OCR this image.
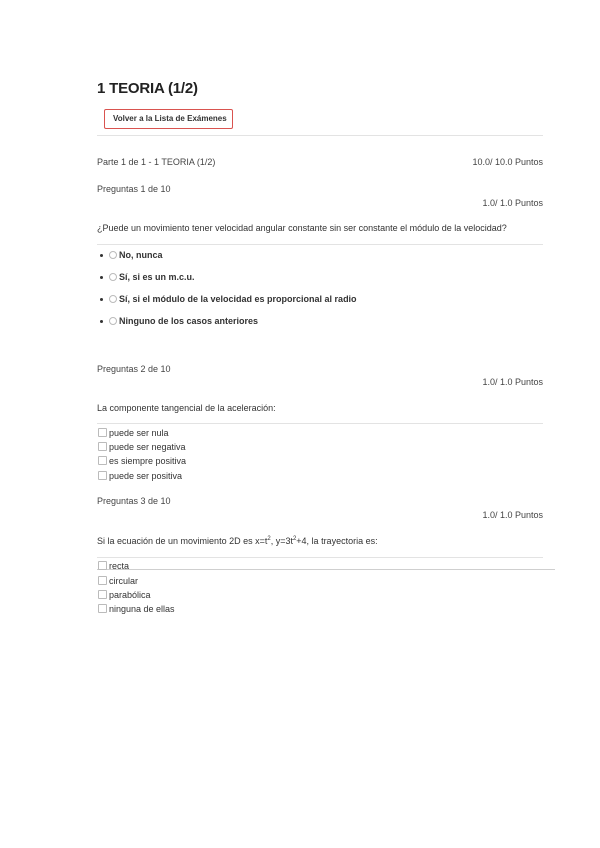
1 TEORIA (1/2)
Volver a la Lista de Exámenes
Parte 1 de 1 - 1 TEORIA (1/2)	10.0/ 10.0 Puntos
Preguntas 1 de 10
1.0/ 1.0 Puntos
¿Puede un movimiento tener velocidad angular constante sin ser constante el módulo de la velocidad?
No, nunca
Sí, si es un m.c.u.
Sí, si el módulo de la velocidad es proporcional al radio
Ninguno de los casos anteriores
Preguntas 2 de 10
1.0/ 1.0 Puntos
La componente tangencial de la aceleración:
puede ser nula
puede ser negativa
es siempre positiva
puede ser positiva
Preguntas 3 de 10
1.0/ 1.0 Puntos
Si la ecuación de un movimiento 2D es $x=t^2$, $y=3t^2+4$, la trayectoria es:
recta
circular
parabólica
ninguna de ellas
